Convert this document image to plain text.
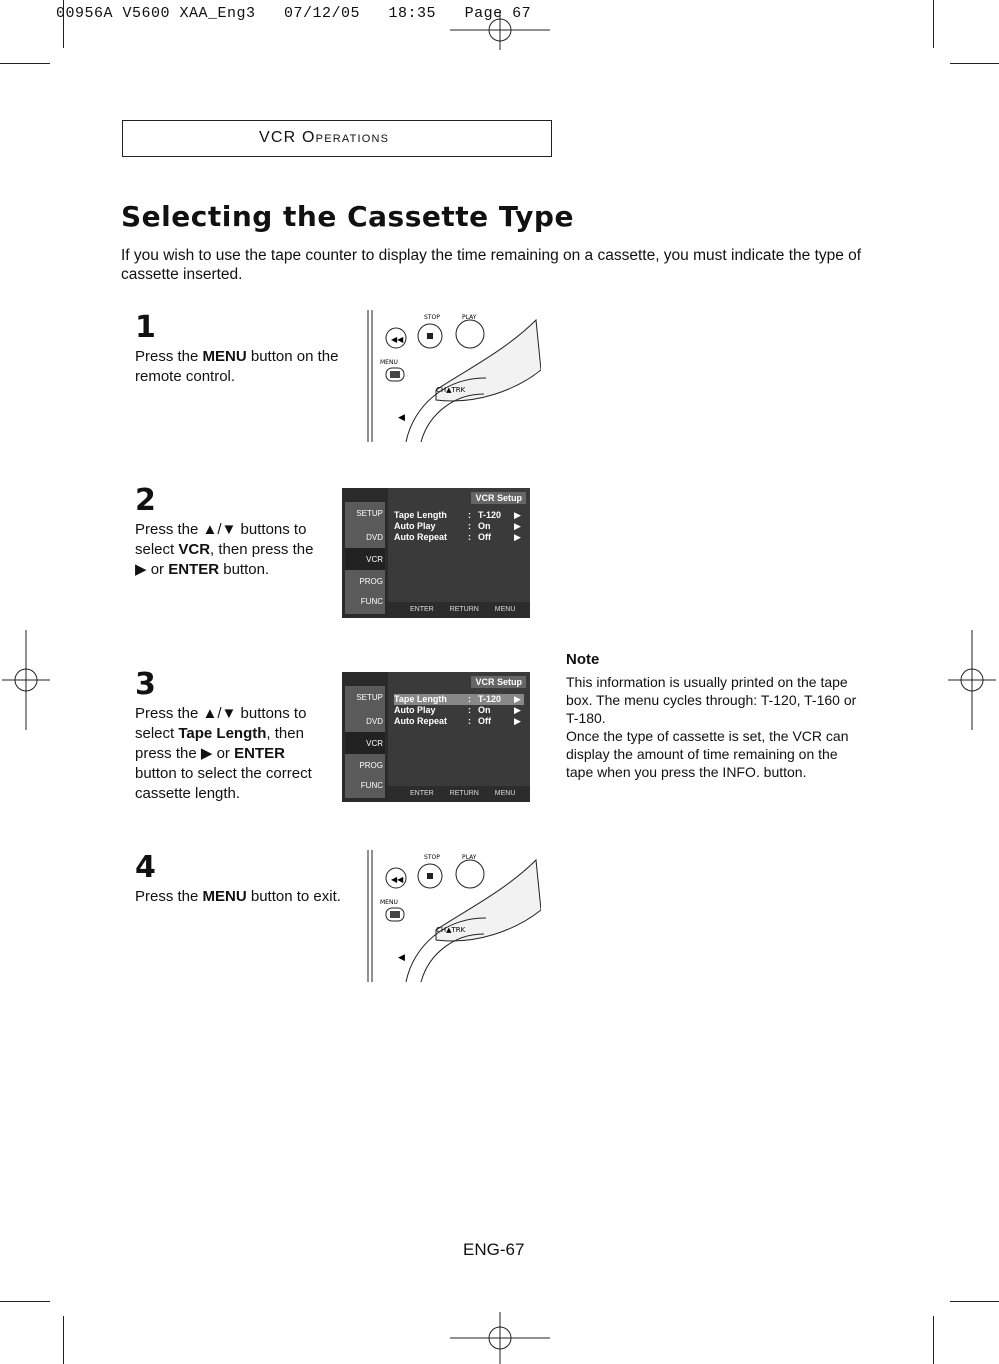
00956A V5600 XAA_Eng3   07/12/05   18:35   Page 67
VCR Operations
Selecting the Cassette Type
If you wish to use the tape counter to display the time remaining on a cassette, you must indicate the type of cassette inserted.
1
Press the MENU button on the remote control.
2
Press the ▲/▼ buttons to select VCR, then press the ▶ or ENTER button.
3
Press the ▲/▼ buttons to select Tape Length, then press the ▶ or ENTER button to select the correct cassette length.
4
Press the MENU button to exit.
◀◀
◀
MENU
STOP	PLAY
CH▲TRK
SETUP
DVD
VCR
PROG
FUNC
VCR Setup
Tape Length : T-120 ▶
Auto Play	: On	▶
Auto Repeat : Off	▶
ENTER RETURN MENU
SETUP
DVD
VCR
PROG
FUNC
VCR Setup
Tape Length : T-120 ▶
Auto Play	: On	▶
Auto Repeat : Off	▶
ENTER RETURN MENU
◀◀
◀
MENU
STOP	PLAY
CH▲TRK
Note
This information is usually printed on the tape box. The menu cycles through: T-120, T-160 or T-180.
Once the type of cassette is set, the VCR can display the amount of time remaining on the tape when you press the INFO. button.
ENG-67
